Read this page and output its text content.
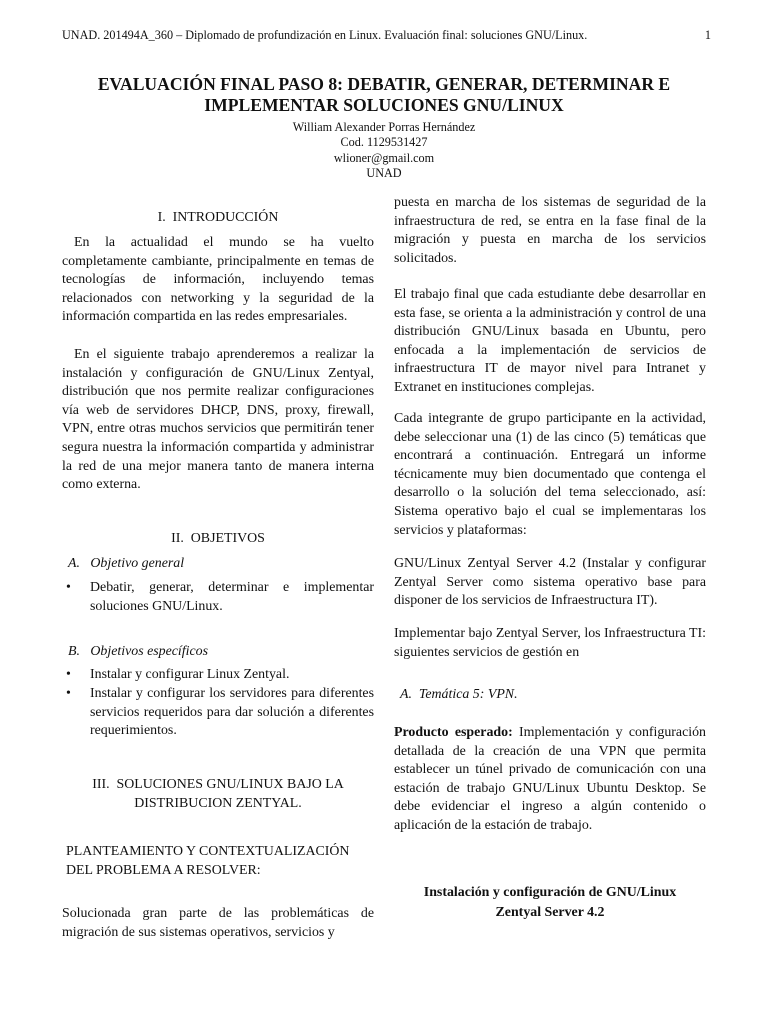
UNAD. 201494A_360 – Diplomado de profundización en Linux. Evaluación final: soluciones GNU/Linux.	1
EVALUACIÓN FINAL PASO 8: DEBATIR, GENERAR, DETERMINAR E
IMPLEMENTAR SOLUCIONES GNU/LINUX
William Alexander Porras Hernández
Cod. 1129531427
wlioner@gmail.com
UNAD
I.  INTRODUCCIÓN
En la actualidad el mundo se ha vuelto completamente cambiante, principalmente en temas de tecnologías de información, incluyendo temas relacionados con networking y la seguridad de la información compartida en las redes empresariales.
En el siguiente trabajo aprenderemos a realizar la instalación y configuración de GNU/Linux Zentyal, distribución que nos permite realizar configuraciones vía web de servidores DHCP, DNS, proxy, firewall, VPN, entre otras muchos servicios que permitirán tener segura nuestra la información compartida y administrar la red de una mejor manera tanto de manera interna como externa.
II.  OBJETIVOS
A.   Objetivo general
• Debatir, generar, determinar e implementar soluciones GNU/Linux.
B.   Objetivos específicos
• Instalar y configurar Linux Zentyal.
• Instalar y configurar los servidores para diferentes servicios requeridos para dar solución a diferentes requerimientos.
III.  SOLUCIONES GNU/LINUX BAJO LA
DISTRIBUCION ZENTYAL.
PLANTEAMIENTO Y CONTEXTUALIZACIÓN DEL PROBLEMA A RESOLVER:
Solucionada gran parte de las problemáticas de migración de sus sistemas operativos, servicios y
puesta en marcha de los sistemas de seguridad de la infraestructura de red, se entra en la fase final de la migración y puesta en marcha de los servicios solicitados.
El trabajo final que cada estudiante debe desarrollar en esta fase, se orienta a la administración y control de una distribución GNU/Linux basada en Ubuntu, pero enfocada a la implementación de servicios de infraestructura IT de mayor nivel para Intranet y Extranet en instituciones complejas.
Cada integrante de grupo participante en la actividad, debe seleccionar una (1) de las cinco (5) temáticas que encontrará a continuación. Entregará un informe técnicamente muy bien documentado que contenga el desarrollo o la solución del tema seleccionado, así: Sistema operativo bajo el cual se implementaras los servicios y plataformas:
GNU/Linux Zentyal Server 4.2 (Instalar y configurar Zentyal Server como sistema operativo base para disponer de los servicios de Infraestructura IT).
Implementar bajo Zentyal Server, los Infraestructura TI: siguientes servicios de gestión en
A.  Temática 5: VPN.
Producto esperado: Implementación y configuración detallada de la creación de una VPN que permita establecer un túnel privado de comunicación con una estación de trabajo GNU/Linux Ubuntu Desktop. Se debe evidenciar el ingreso a algún contenido o aplicación de la estación de trabajo.
Instalación y configuración de GNU/Linux
Zentyal Server 4.2
